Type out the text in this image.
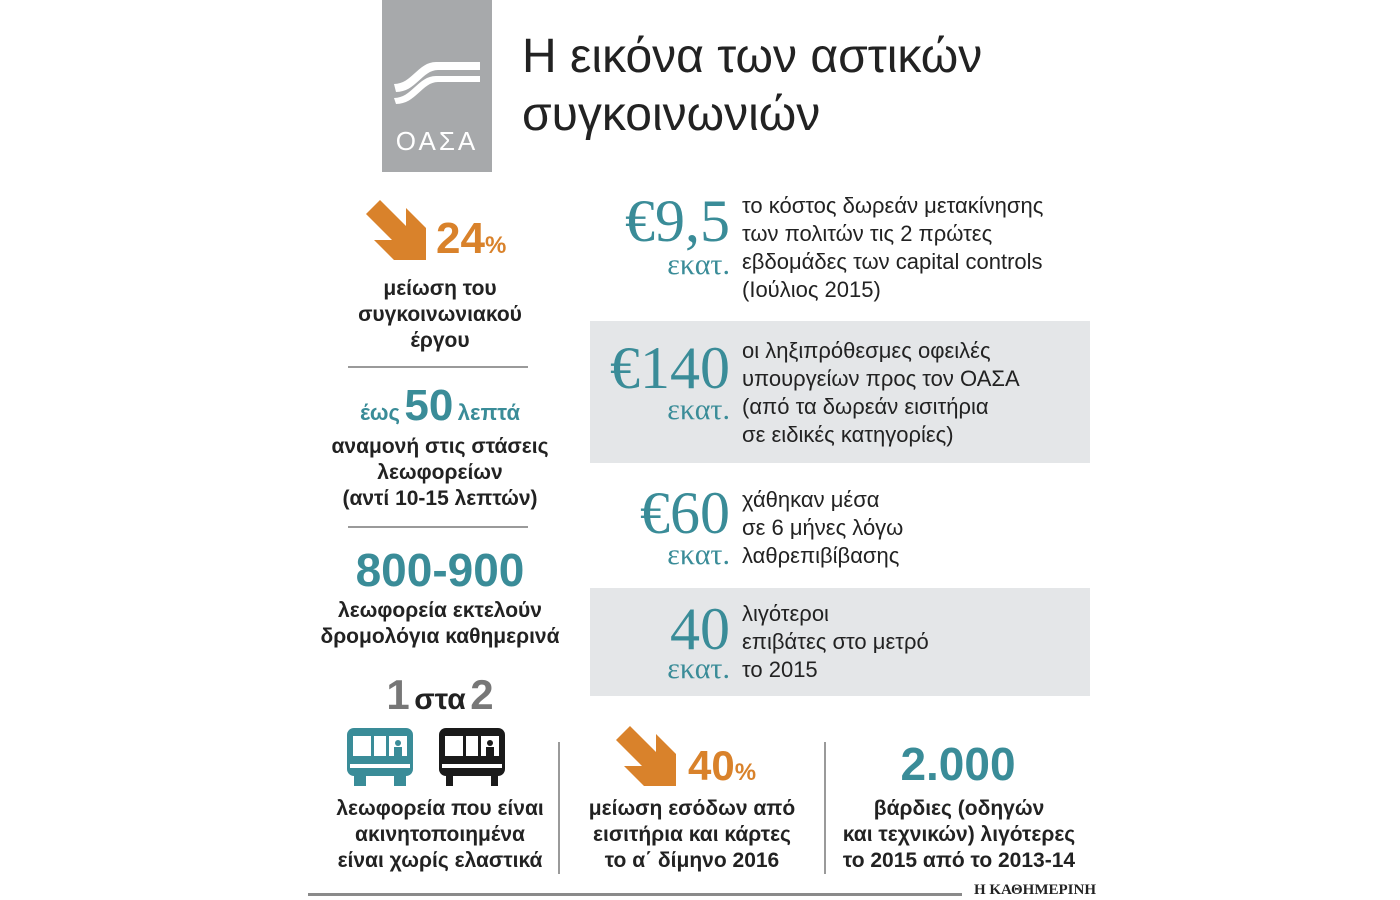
ΟΑΣΑ
Η εικόνα των αστικών
συγκοινωνιών
24%
μείωση του
συγκοινωνιακού
έργου
έως 50 λεπτά
αναμονή στις στάσεις
λεωφορείων
(αντί 10-15 λεπτών)
800-900
λεωφορεία εκτελούν
δρομολόγια καθημερινά
1 στα 2
λεωφορεία που είναι
ακινητοποιημένα
είναι χωρίς ελαστικά
€9,5
εκατ.
το κόστος δωρεάν μετακίνησης
των πολιτών τις 2 πρώτες
εβδομάδες των capital controls
(Ιούλιος 2015)
€140
εκατ.
οι ληξιπρόθεσμες οφειλές
υπουργείων προς τον ΟΑΣΑ
(από τα δωρεάν εισιτήρια
σε ειδικές κατηγορίες)
€60
εκατ.
χάθηκαν μέσα
σε 6 μήνες λόγω
λαθρεπιβίβασης
40
εκατ.
λιγότεροι
επιβάτες στο μετρό
το 2015
40%
μείωση εσόδων από
εισιτήρια και κάρτες
το α΄ δίμηνο 2016
2.000
βάρδιες (οδηγών
και τεχνικών) λιγότερες
το 2015 από το 2013-14
Η ΚΑΘΗΜΕΡΙΝΗ
